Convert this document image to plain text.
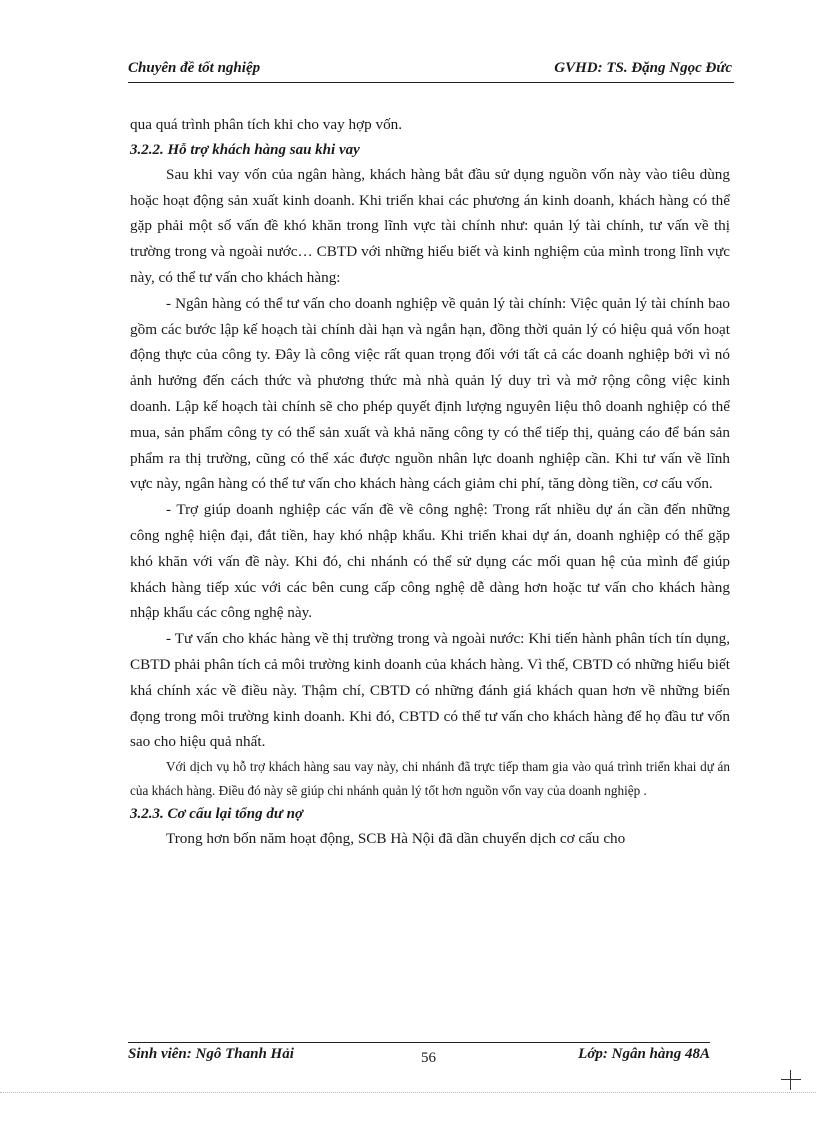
Chuyên đề tốt nghiệp	GVHD: TS. Đặng Ngọc Đức

qua quá trình phân tích khi cho vay hợp vốn.

3.2.2. Hỗ trợ khách hàng sau khi vay

Sau khi vay vốn của ngân hàng, khách hàng bắt đầu sử dụng nguồn vốn này vào tiêu dùng hoặc hoạt động sản xuất kinh doanh. Khi triển khai các phương án kinh doanh, khách hàng có thể gặp phải một số vấn đề khó khăn trong lĩnh vực tài chính như: quản lý tài chính, tư vấn về thị trường trong và ngoài nước… CBTD với những hiểu biết và kinh nghiệm của mình trong lĩnh vực này, có thể tư vấn cho khách hàng:

- Ngân hàng có thể tư vấn cho doanh nghiệp về quản lý tài chính: Việc quản lý tài chính bao gồm các bước lập kế hoạch tài chính dài hạn và ngắn hạn, đồng thời quản lý có hiệu quả vốn hoạt động thực của công ty. Đây là công việc rất quan trọng đối với tất cả các doanh nghiệp bởi vì nó ảnh hưởng đến cách thức và phương thức mà nhà quản lý duy trì và mở rộng công việc kinh doanh. Lập kế hoạch tài chính sẽ cho phép quyết định lượng nguyên liệu thô doanh nghiệp có thể mua, sản phẩm công ty có thể sản xuất và khả năng công ty có thể tiếp thị, quảng cáo để bán sản phẩm ra thị trường, cũng có thể xác được nguồn nhân lực doanh nghiệp cần. Khi tư vấn về lĩnh vực này, ngân hàng có thể tư vấn cho khách hàng cách giảm chi phí, tăng dòng tiền, cơ cấu vốn.

- Trợ giúp doanh nghiệp các vấn đề về công nghệ: Trong rất nhiều dự án cần đến những công nghệ hiện đại, đắt tiền, hay khó nhập khẩu. Khi triển khai dự án, doanh nghiệp có thể gặp khó khăn với vấn đề này. Khi đó, chi nhánh có thể sử dụng các mối quan hệ của mình để giúp khách hàng tiếp xúc với các bên cung cấp công nghệ dễ dàng hơn hoặc tư vấn cho khách hàng nhập khẩu các công nghệ này.

- Tư vấn cho khác hàng về thị trường trong và ngoài nước: Khi tiến hành phân tích tín dụng, CBTD phải phân tích cả môi trường kinh doanh của khách hàng. Vì thế, CBTD có những hiểu biết khá chính xác về điều này. Thậm chí, CBTD có những đánh giá khách quan hơn về những biến đọng trong môi trường kinh doanh. Khi đó, CBTD có thể tư vấn cho khách hàng để họ đầu tư vốn sao cho hiệu quả nhất.

Với dịch vụ hỗ trợ khách hàng sau vay này, chi nhánh đã trực tiếp tham gia vào quá trình triển khai dự án của khách hàng. Điều đó này sẽ giúp chi nhánh quản lý tốt hơn nguồn vốn vay của doanh nghiệp .

3.2.3. Cơ cấu lại tổng dư nợ

Trong hơn bốn năm hoạt động, SCB Hà Nội đã dần chuyển dịch cơ cấu cho

Sinh viên: Ngô Thanh Hải	56	Lớp: Ngân hàng 48A
